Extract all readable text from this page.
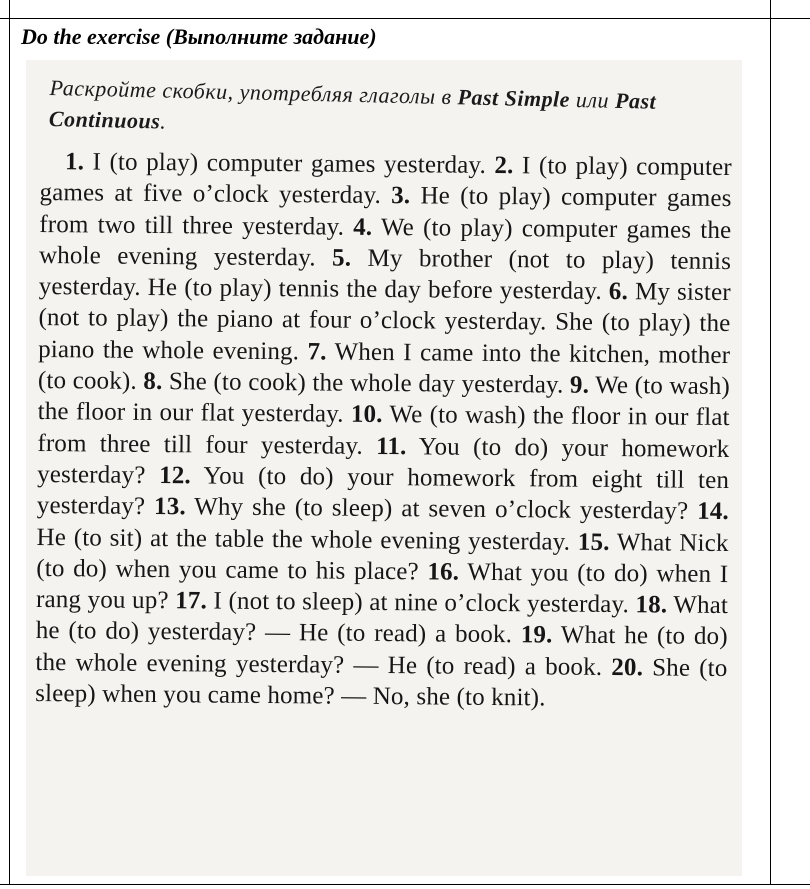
Do the exercise (Выполните задание)
Раскройте скобки, употребляя глаголы в Past Simple или Past Continuous.
 1. I (to play) computer games yesterday. 2. I (to play) computer games at five o’clock yesterday. 3. He (to play) computer games from two till three yesterday. 4. We (to play) computer games the whole evening yesterday. 5. My brother (not to play) tennis yesterday. He (to play) tennis the day before yesterday. 6. My sister (not to play) the piano at four o’clock yesterday. She (to play) the piano the whole evening. 7. When I came into the kitchen, mother (to cook). 8. She (to cook) the whole day yesterday. 9. We (to wash) the floor in our flat yesterday. 10. We (to wash) the floor in our flat from three till four yesterday. 11. You (to do) your homework yesterday? 12. You (to do) your homework from eight till ten yesterday? 13. Why she (to sleep) at seven o’clock yesterday? 14. He (to sit) at the table the whole evening yesterday. 15. What Nick (to do) when you came to his place? 16. What you (to do) when I rang you up? 17. I (not to sleep) at nine o’clock yesterday. 18. What he (to do) yesterday? — He (to read) a book. 19. What he (to do) the whole evening yesterday? — He (to read) a book. 20. She (to sleep) when you came home? — No, she (to knit).
